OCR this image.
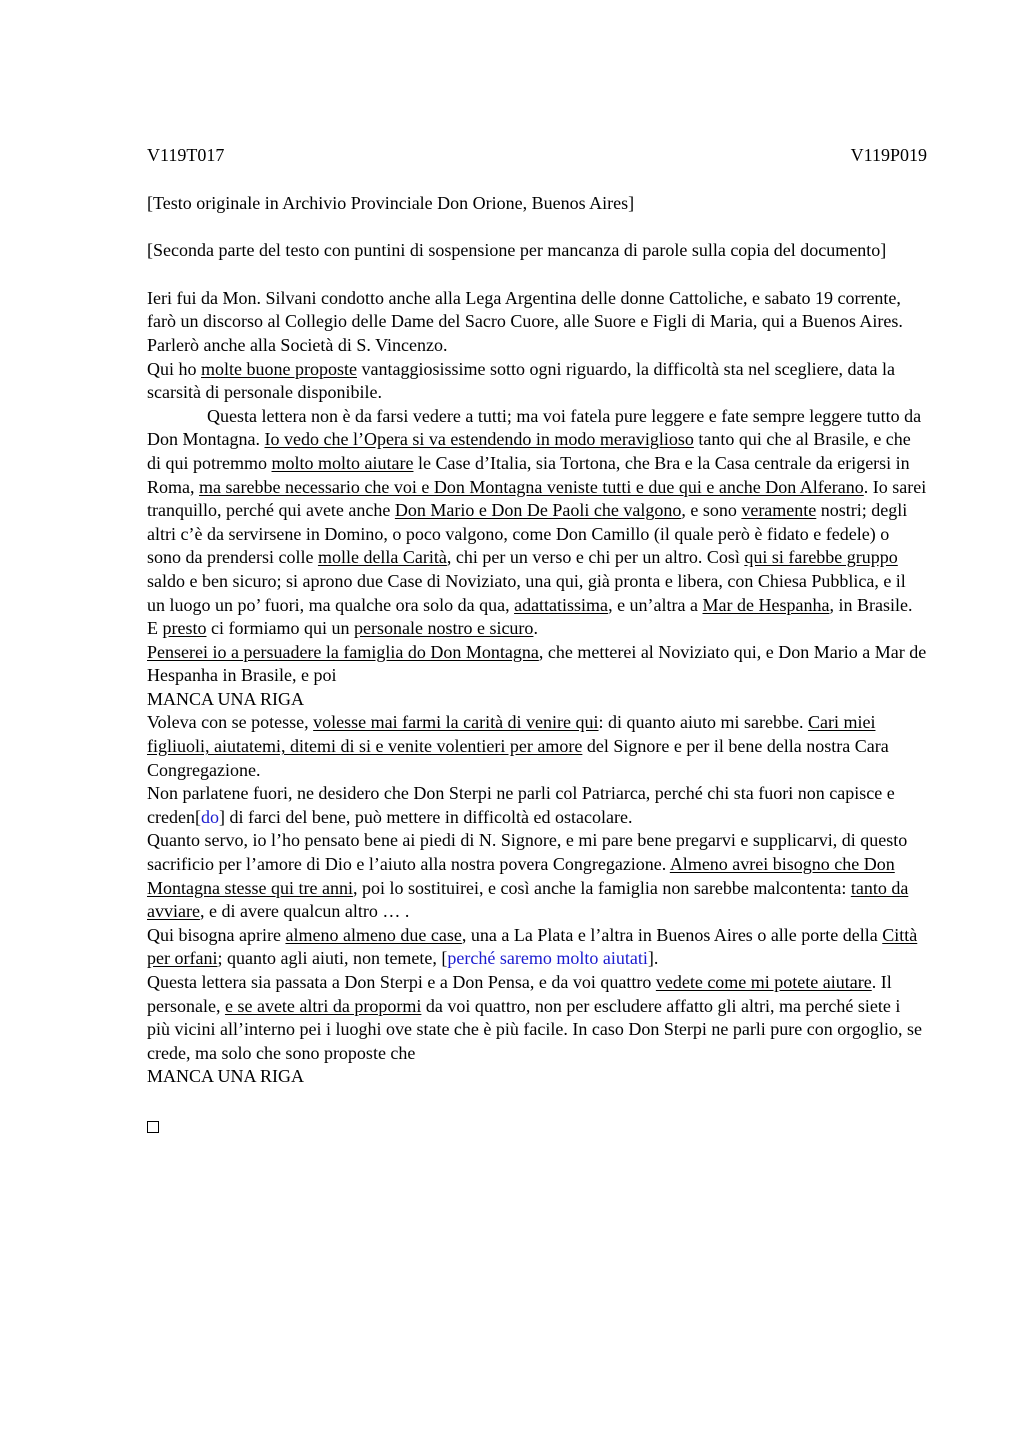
V119T017	V119P019

[Testo originale in Archivio Provinciale Don Orione, Buenos Aires]

[Seconda parte del testo con puntini di sospensione per mancanza di parole sulla copia del documento]

Ieri fui da Mon. Silvani condotto anche alla Lega Argentina delle donne Cattoliche, e sabato 19 corrente, farò un discorso al Collegio delle Dame del Sacro Cuore, alle Suore e Figli di Maria, qui a Buenos Aires.

Parlerò anche alla Società di S. Vincenzo.

Qui ho molte buone proposte vantaggiosissime sotto ogni riguardo, la difficoltà sta nel scegliere, data la scarsità di personale disponibile.

Questa lettera non è da farsi vedere a tutti; ma voi fatela pure leggere e fate sempre leggere tutto da Don Montagna. Io vedo che l’Opera si va estendendo in modo meraviglioso tanto qui che al Brasile, e che di qui potremmo molto molto aiutare le Case d’Italia, sia Tortona, che Bra e la Casa centrale da erigersi in Roma, ma sarebbe necessario che voi e Don Montagna veniste tutti e due qui e anche Don Alferano. Io sarei tranquillo, perché qui avete anche Don Mario e Don De Paoli che valgono, e sono veramente nostri; degli altri c’è da servirsene in Domino, o poco valgono, come Don Camillo (il quale però è fidato e fedele) o sono da prendersi colle molle della Carità, chi per un verso e chi per un altro. Così qui si farebbe gruppo saldo e ben sicuro; si aprono due Case di Noviziato, una qui, già pronta e libera, con Chiesa Pubblica, e il un luogo un po’ fuori, ma qualche ora solo da qua, adattatissima, e un’altra a Mar de Hespanha, in Brasile. E presto ci formiamo qui un personale nostro e sicuro.

Penserei io a persuadere la famiglia do Don Montagna, che metterei al Noviziato qui, e Don Mario a Mar de Hespanha in Brasile, e poi

MANCA UNA RIGA

Voleva con se potesse, volesse mai farmi la carità di venire qui: di quanto aiuto mi sarebbe. Cari miei figliuoli, aiutatemi, ditemi di si e venite volentieri per amore del Signore e per il bene della nostra Cara Congregazione.

Non parlatene fuori, ne desidero che Don Sterpi ne parli col Patriarca, perché chi sta fuori non capisce e creden[do] di farci del bene, può mettere in difficoltà ed ostacolare.

Quanto servo, io l’ho pensato bene ai piedi di N. Signore, e mi pare bene pregarvi e supplicarvi, di questo sacrificio per l’amore di Dio e l’aiuto alla nostra povera Congregazione. Almeno avrei bisogno che Don Montagna stesse qui tre anni, poi lo sostituirei, e così anche la famiglia non sarebbe malcontenta: tanto da avviare, e di avere qualcun altro … .

Qui bisogna aprire almeno almeno due case, una a La Plata e l’altra in Buenos Aires o alle porte della Città per orfani; quanto agli aiuti, non temete, [perché saremo molto aiutati].

Questa lettera sia passata a Don Sterpi e a Don Pensa, e da voi quattro vedete come mi potete aiutare. Il personale, e se avete altri da propormi da voi quattro, non per escludere affatto gli altri, ma perché siete i più vicini all’interno pei i luoghi ove state che è più facile. In caso Don Sterpi ne parli pure con orgoglio, se crede, ma solo che sono proposte che

MANCA UNA RIGA
